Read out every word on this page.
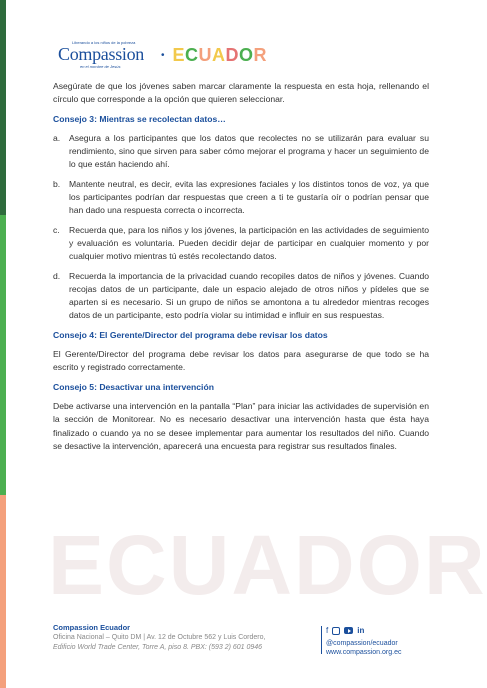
Liberando a los niños de la pobreza
Compassion
en el nombre de Jesús
• ECUADOR

Asegúrate de que los jóvenes saben marcar claramente la respuesta en esta hoja, rellenando el círculo que corresponde a la opción que quieren seleccionar.

Consejo 3: Mientras se recolectan datos…
a. Asegura a los participantes que los datos que recolectes no se utilizarán para evaluar su rendimiento, sino que sirven para saber cómo mejorar el programa y hacer un seguimiento de lo que están haciendo ahí.
b. Mantente neutral, es decir, evita las expresiones faciales y los distintos tonos de voz, ya que los participantes podrían dar respuestas que creen a ti te gustaría oír o podrían pensar que han dado una respuesta correcta o incorrecta.
c. Recuerda que, para los niños y los jóvenes, la participación en las actividades de seguimiento y evaluación es voluntaria. Pueden decidir dejar de participar en cualquier momento y por cualquier motivo mientras tú estés recolectando datos.
d. Recuerda la importancia de la privacidad cuando recopiles datos de niños y jóvenes. Cuando recojas datos de un participante, dale un espacio alejado de otros niños y pídeles que se aparten si es necesario. Si un grupo de niños se amontona a tu alrededor mientras recoges datos de un participante, esto podría violar su intimidad e influir en sus respuestas.
Consejo 4: El Gerente/Director del programa debe revisar los datos

El Gerente/Director del programa debe revisar los datos para asegurarse de que todo se ha escrito y registrado correctamente.

Consejo 5: Desactivar una intervención

Debe activarse una intervención en la pantalla “Plan” para iniciar las actividades de supervisión en la sección de Monitorear. No es necesario desactivar una intervención hasta que ésta haya finalizado o cuando ya no se desee implementar para aumentar los resultados del niño. Cuando se desactive la intervención, aparecerá una encuesta para registrar sus resultados finales.

ECUADOR
Compassion Ecuador
Oficina Nacional – Quito DM | Av. 12 de Octubre 562 y Luis Cordero,
Edificio World Trade Center, Torre A, piso 8. PBX: (593 2) 601 0946
f	in
@compassion/ecuador
www.compassion.org.ec
